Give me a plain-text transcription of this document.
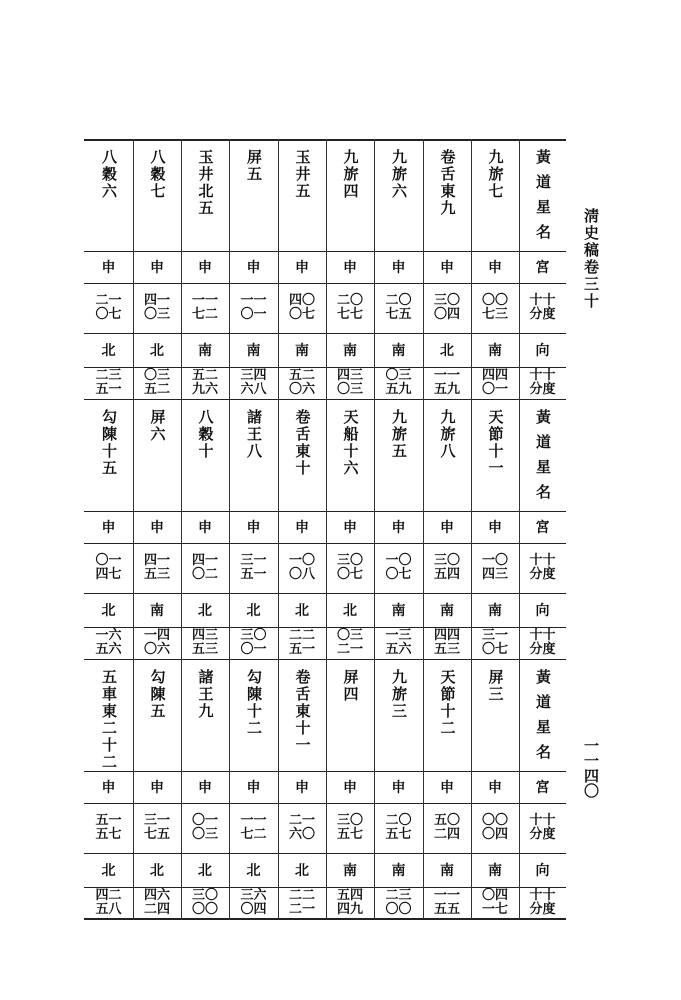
黃道星名
宮
十十
分度
向
十十
分度
九旂七
申
〇〇
七三
南
四四
〇一
卷舌東九
申
三〇
〇四
北
一一
五九
九旂六
申
二〇
七五
南
〇三
五九
九旂四
申
二〇
七七
南
四三
〇三
玉井五
申
四〇
〇七
南
五二
〇六
屏五
申
一一
〇一
南
三四
六八
玉井北五
申
一一
七二
南
五二
九六
八穀七
申
四一
〇三
北
〇三
五二
八穀六
申
二一
〇七
北
二三
五一
黃道星名
宮
十十
分度
向
十十
分度
天節十一
申
一〇
四三
南
三一
〇七
九旂八
申
三〇
五四
南
四四
五三
九旂五
申
一〇
〇七
南
一三
五六
天船十六
申
三〇
〇七
北
〇三
二一
卷舌東十
申
一〇
〇八
北
二二
五一
諸王八
申
三一
五一
北
三〇
〇一
八穀十
申
四一
〇二
北
四三
五三
屏六
申
四一
五三
南
一四
〇六
勾陳十五
申
〇一
四七
北
一六
五六
黃道星名
宮
十十
分度
向
十十
分度
屏三
申
〇〇
〇四
南
〇四
一七
天節十二
申
五〇
二四
南
一一
五五
九旂三
申
二〇
五七
南
二三
〇〇
屏四
申
三〇
五七
南
五四
四九
卷舌東十一
申
二一
六〇
北
二二
二一
勾陳十二
申
一一
七二
北
三六
〇四
諸王九
申
〇一
〇三
北
三〇
〇〇
勾陳五
申
三一
七五
北
四六
二四
五車東二十二
申
五一
五七
北
四二
五八
淸史稿卷三十
一一四〇
